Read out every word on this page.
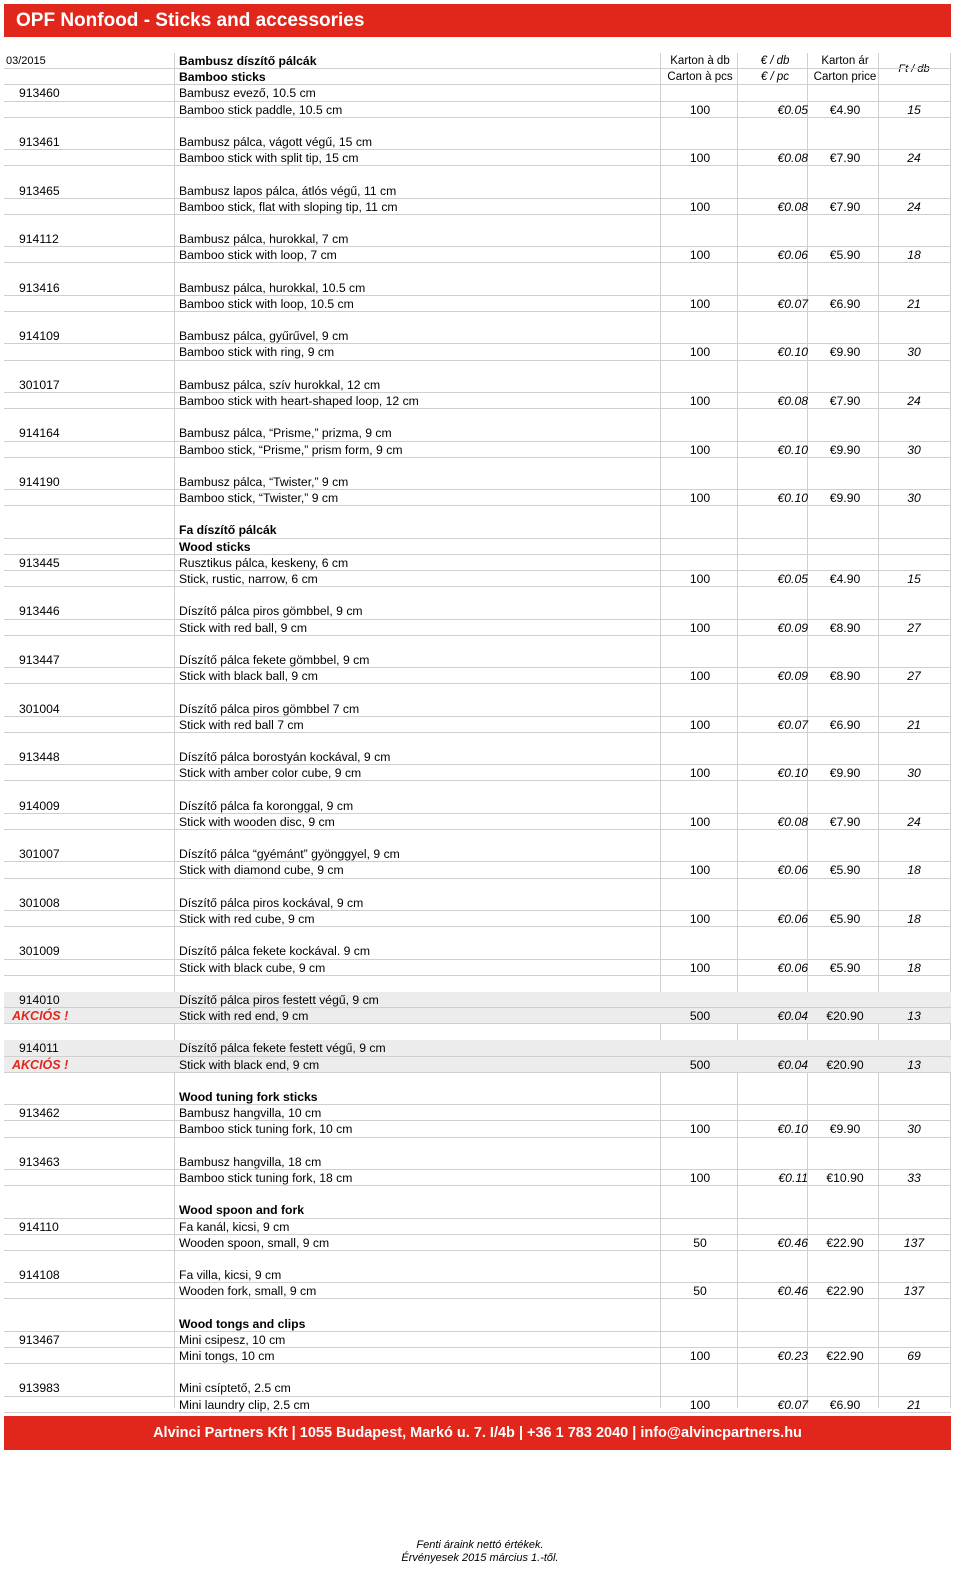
OPF Nonfood - Sticks and accessories
Ft / db
03/2015	Bambusz díszítő pálcák	Karton à db	€ / db	Karton ár
Bamboo sticks	Carton à pcs	€ / pc	Carton price
913460	Bambusz evező, 10.5 cm
Bamboo stick paddle, 10.5 cm	100	€0.05	€4.90	15
913461	Bambusz pálca, vágott végű, 15 cm
Bamboo stick with split tip, 15 cm	100	€0.08	€7.90	24
913465	Bambusz lapos pálca, átlós végű, 11 cm
Bamboo stick, flat with sloping tip, 11 cm	100	€0.08	€7.90	24
914112	Bambusz pálca, hurokkal, 7 cm
Bamboo stick with loop, 7 cm	100	€0.06	€5.90	18
913416	Bambusz pálca, hurokkal, 10.5 cm
Bamboo stick with loop, 10.5 cm	100	€0.07	€6.90	21
914109	Bambusz pálca, gyűrűvel, 9 cm
Bamboo stick with ring, 9 cm	100	€0.10	€9.90	30
301017	Bambusz pálca, szív hurokkal, 12 cm
Bamboo stick with heart-shaped loop, 12 cm	100	€0.08	€7.90	24
914164	Bambusz pálca, “Prisme,” prizma, 9 cm
Bamboo stick, “Prisme,” prism form, 9 cm	100	€0.10	€9.90	30
914190	Bambusz pálca, “Twister,” 9 cm
Bamboo stick, “Twister,” 9 cm	100	€0.10	€9.90	30
Fa díszítő pálcák
Wood sticks
913445	Rusztikus pálca, keskeny, 6 cm
Stick, rustic, narrow, 6 cm	100	€0.05	€4.90	15
913446	Díszítő pálca piros gömbbel, 9 cm
Stick with red ball, 9 cm	100	€0.09	€8.90	27
913447	Díszítő pálca fekete gömbbel, 9 cm
Stick with black ball, 9 cm	100	€0.09	€8.90	27
301004	Díszítő pálca piros gömbbel 7 cm
Stick with red ball 7 cm	100	€0.07	€6.90	21
913448	Díszítő pálca borostyán kockával, 9 cm
Stick with amber color cube, 9 cm	100	€0.10	€9.90	30
914009	Díszítő pálca fa koronggal, 9 cm
Stick with wooden disc, 9 cm	100	€0.08	€7.90	24
301007	Díszítő pálca “gyémánt” gyönggyel, 9 cm
Stick with diamond cube, 9 cm	100	€0.06	€5.90	18
301008	Díszítő pálca piros kockával, 9 cm
Stick with red cube, 9 cm	100	€0.06	€5.90	18
301009	Díszítő pálca fekete kockával. 9 cm
Stick with black cube, 9 cm	100	€0.06	€5.90	18
914010	Díszítő pálca piros festett végű, 9 cm
AKCIÓS !	Stick with red end, 9 cm	500	€0.04	€20.90	13
914011	Díszítő pálca fekete festett végű, 9 cm
AKCIÓS !	Stick with black end, 9 cm	500	€0.04	€20.90	13
Wood tuning fork sticks
913462	Bambusz hangvilla, 10 cm
Bamboo stick tuning fork, 10 cm	100	€0.10	€9.90	30
913463	Bambusz hangvilla, 18 cm
Bamboo stick tuning fork, 18 cm	100	€0.11	€10.90	33
Wood spoon and fork
914110	Fa kanál, kicsi, 9 cm
Wooden spoon, small, 9 cm	50	€0.46	€22.90	137
914108	Fa villa, kicsi, 9 cm
Wooden fork, small, 9 cm	50	€0.46	€22.90	137
Wood tongs and clips
913467	Mini csipesz, 10 cm
Mini tongs, 10 cm	100	€0.23	€22.90	69
913983	Mini csíptető, 2.5 cm
Mini laundry clip, 2.5 cm	100	€0.07	€6.90	21
Alvinci Partners Kft | 1055 Budapest, Markó u. 7. I/4b | +36 1 783 2040 | info@alvincpartners.hu
Fenti áraink nettó értékek.
Érvényesek 2015 március 1.-től.
